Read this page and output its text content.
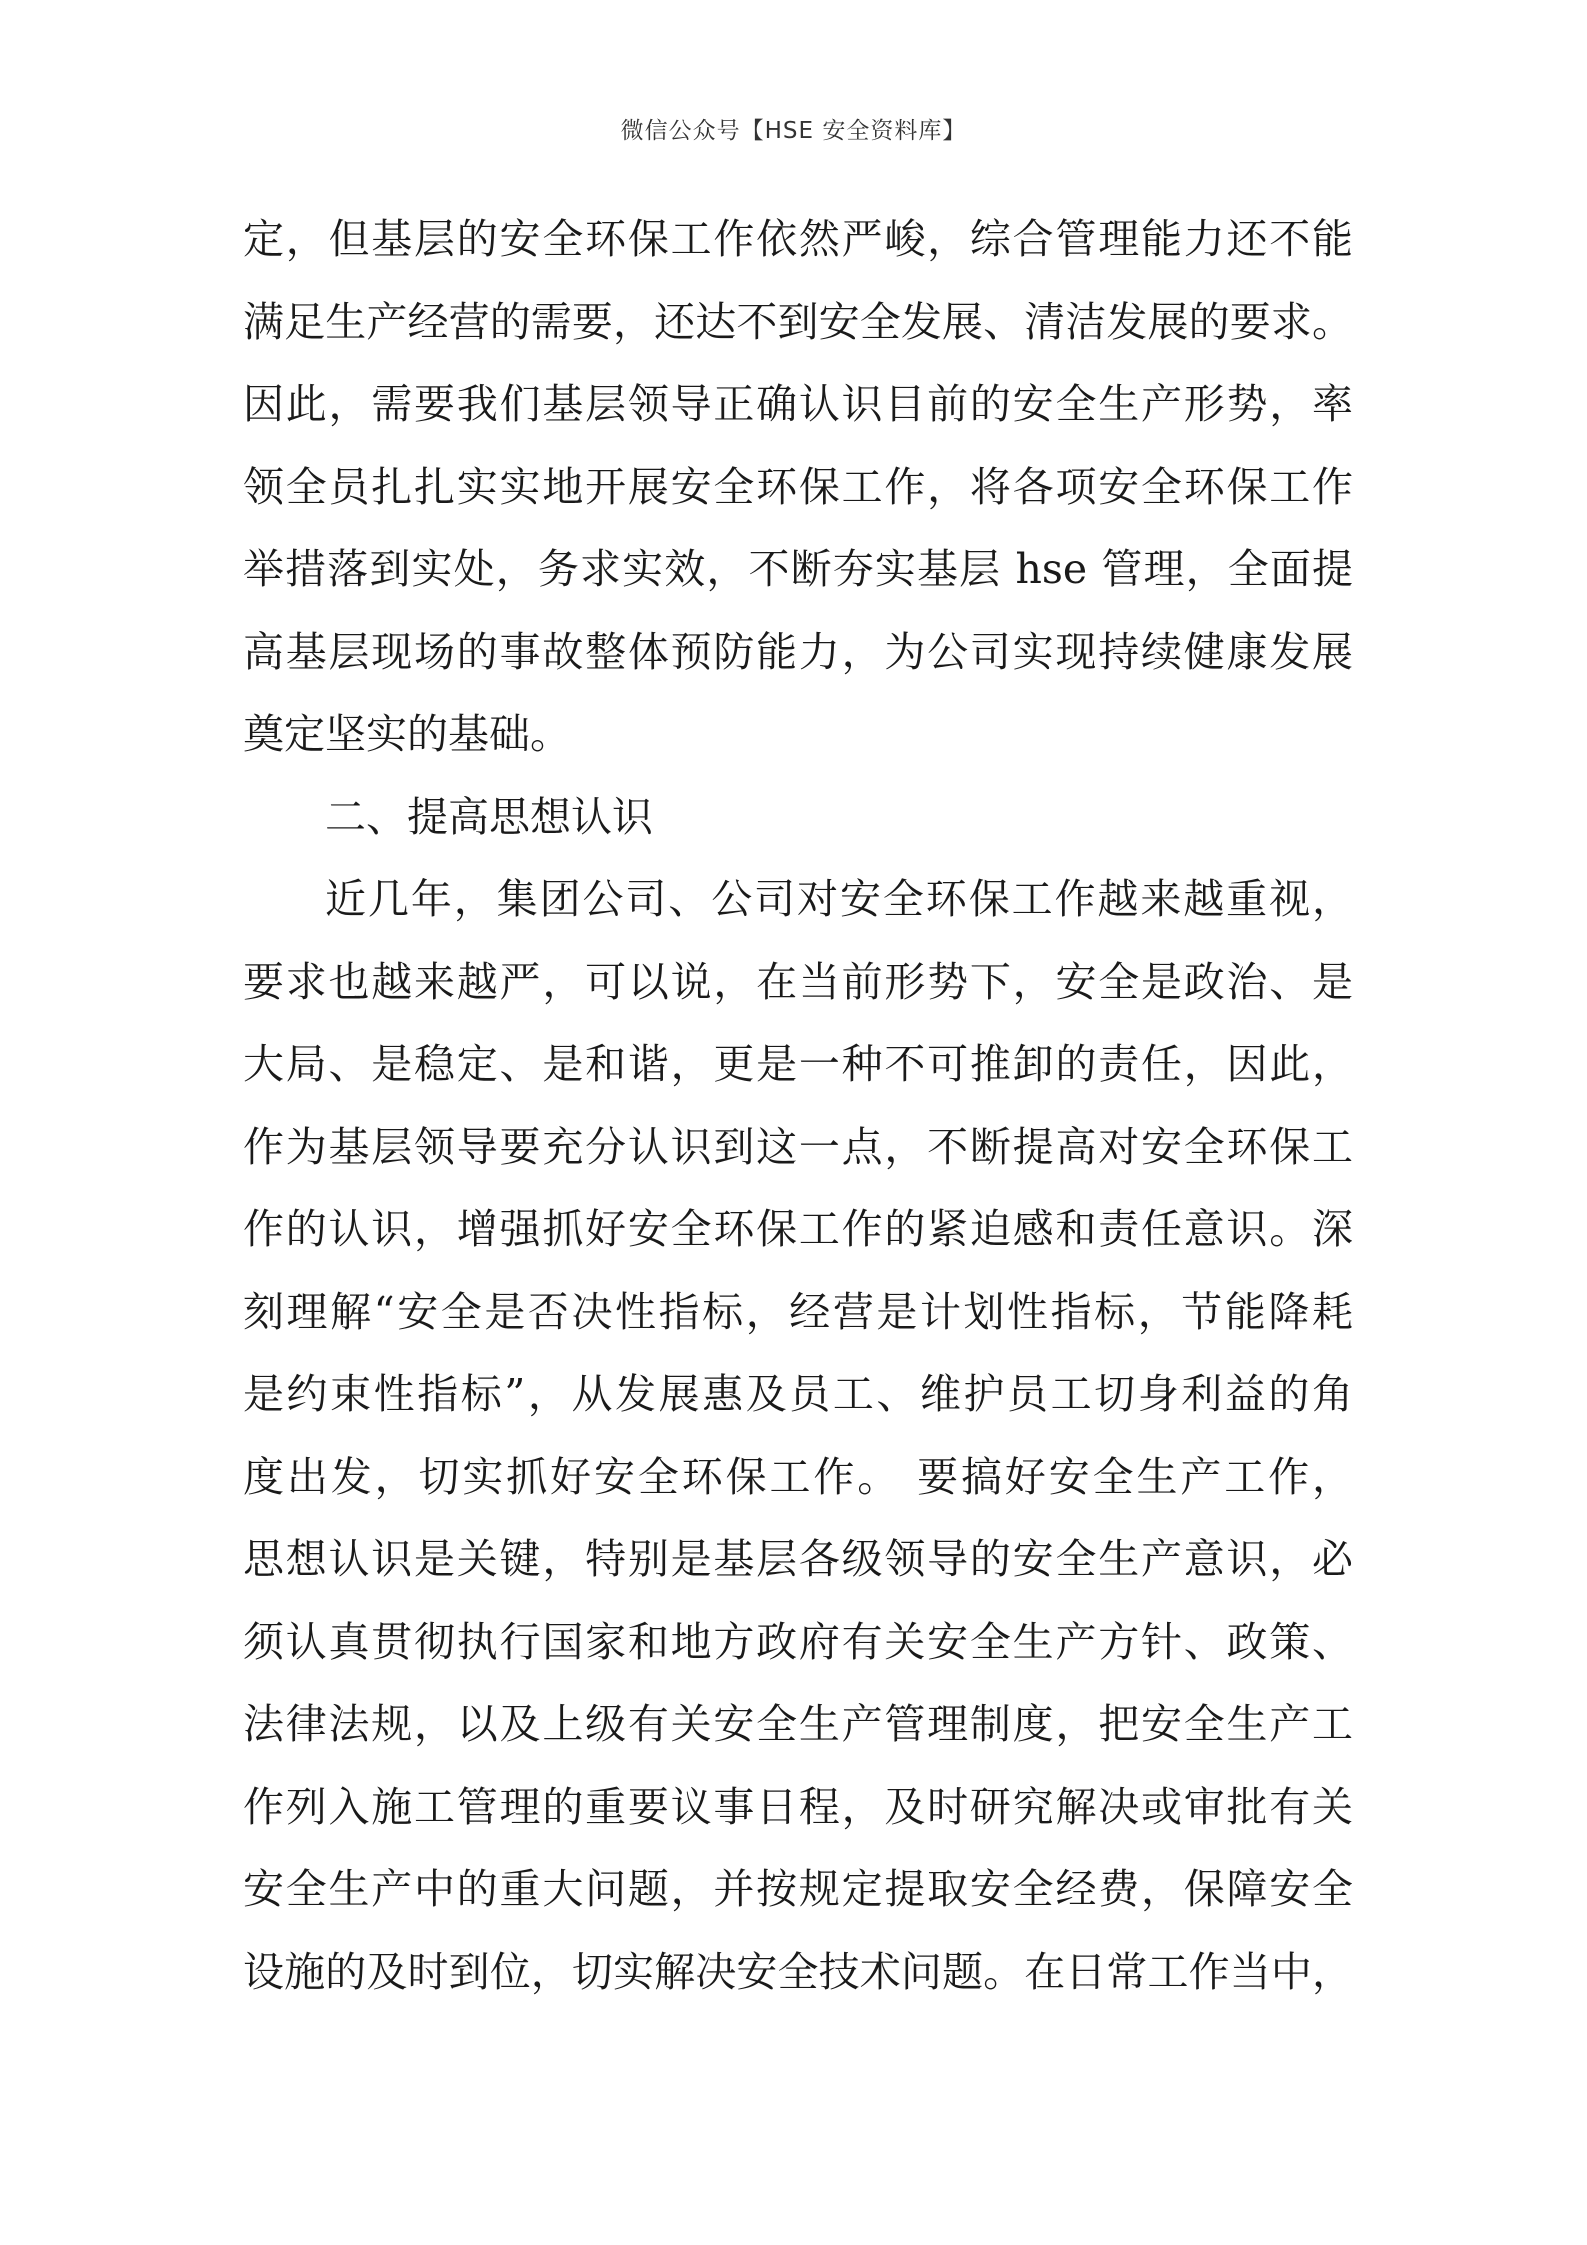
微信公众号【HSE 安全资料库】
定，但基层的安全环保工作依然严峻，综合管理能力还不能
满足生产经营的需要，还达不到安全发展、清洁发展的要求。
因此，需要我们基层领导正确认识目前的安全生产形势，率
领全员扎扎实实地开展安全环保工作，将各项安全环保工作
举措落到实处，务求实效，不断夯实基层 hse 管理，全面提
高基层现场的事故整体预防能力，为公司实现持续健康发展
奠定坚实的基础。
二、提高思想认识
近几年，集团公司、公司对安全环保工作越来越重视，
要求也越来越严，可以说，在当前形势下，安全是政治、是
大局、是稳定、是和谐，更是一种不可推卸的责任，因此，
作为基层领导要充分认识到这一点，不断提高对安全环保工
作的认识，增强抓好安全环保工作的紧迫感和责任意识。深
刻理解“安全是否决性指标，经营是计划性指标，节能降耗
是约束性指标”，从发展惠及员工、维护员工切身利益的角
度出发，切实抓好安全环保工作。 要搞好安全生产工作，
思想认识是关键，特别是基层各级领导的安全生产意识，必
须认真贯彻执行国家和地方政府有关安全生产方针、政策、
法律法规，以及上级有关安全生产管理制度，把安全生产工
作列入施工管理的重要议事日程，及时研究解决或审批有关
安全生产中的重大问题，并按规定提取安全经费，保障安全
设施的及时到位，切实解决安全技术问题。在日常工作当中，
